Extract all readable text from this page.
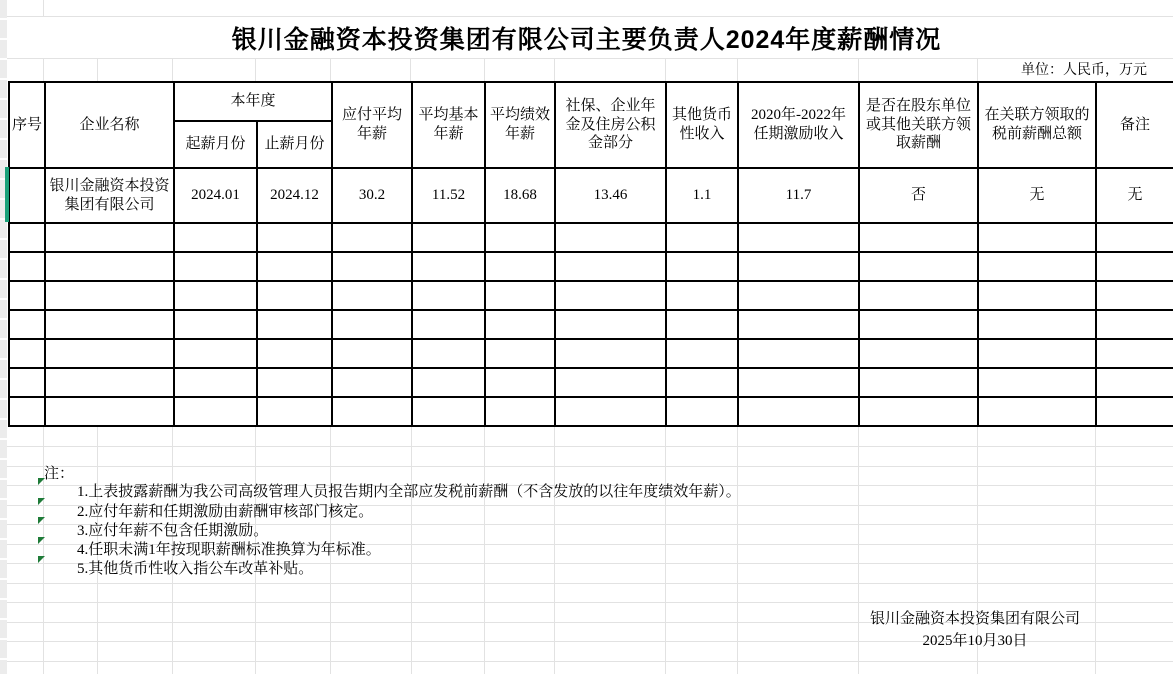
银川金融资本投资集团有限公司主要负责人2024年度薪酬情况
单位：人民币，万元
序号	企业名称	本年度		应付平均年薪	平均基本年薪	平均绩效年薪	社保、企业年金及住房公积金部分	其他货币性收入	2020年-2022年任期激励收入	是否在股东单位或其他关联方领取薪酬	在关联方领取的税前薪酬总额	备注
		起薪月份	止薪月份									
	银川金融资本投资集团有限公司	2024.01	2024.12	30.2	11.52	18.68	13.46	1.1	11.7	否	无	无

注：
1.上表披露薪酬为我公司高级管理人员报告期内全部应发税前薪酬（不含发放的以往年度绩效年薪）。
2.应付年薪和任期激励由薪酬审核部门核定。
3.应付年薪不包含任期激励。
4.任职未满1年按现职薪酬标准换算为年标准。
5.其他货币性收入指公车改革补贴。
银川金融资本投资集团有限公司
2025年10月30日
